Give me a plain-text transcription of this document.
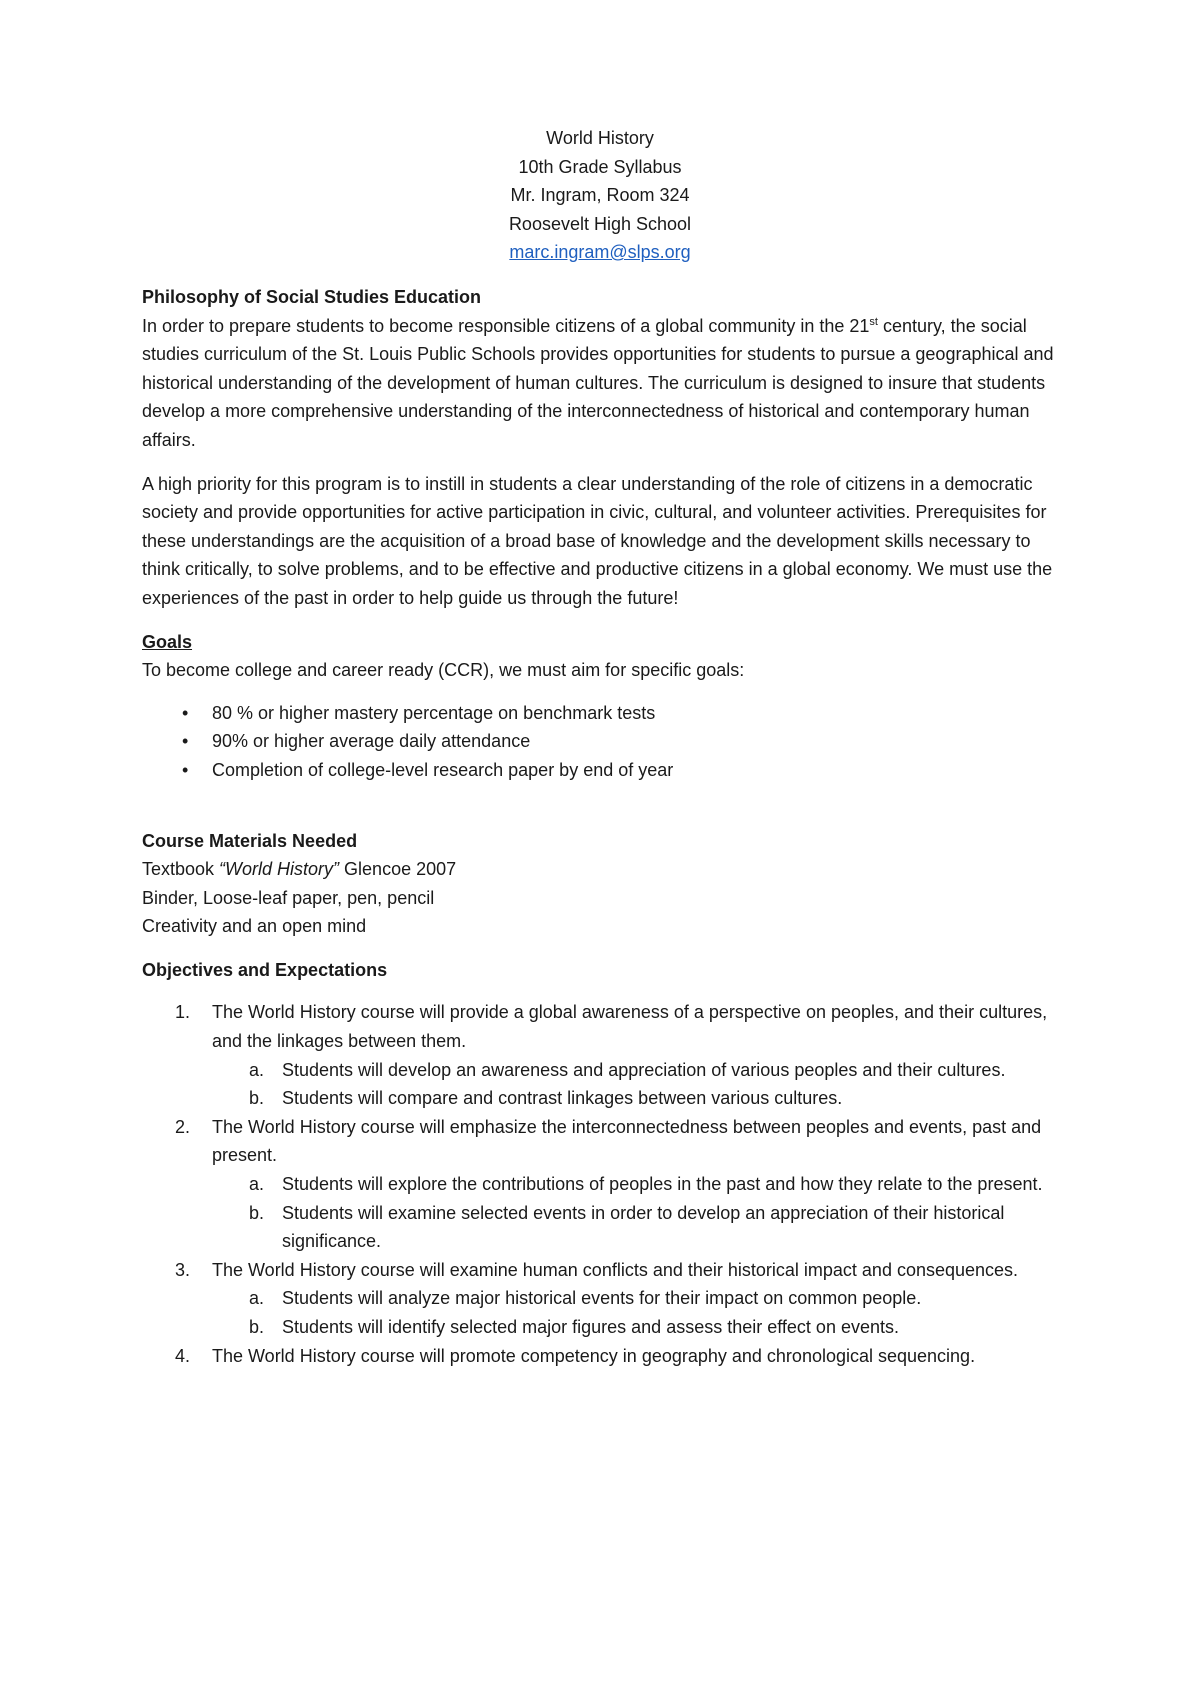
World History
10th Grade Syllabus
Mr. Ingram, Room 324
Roosevelt High School
marc.ingram@slps.org

Philosophy of Social Studies Education

In order to prepare students to become responsible citizens of a global community in the 21st century, the social studies curriculum of the St. Louis Public Schools provides opportunities for students to pursue a geographical and historical understanding of the development of human cultures. The curriculum is designed to insure that students develop a more comprehensive understanding of the interconnectedness of historical and contemporary human affairs.

A high priority for this program is to instill in students a clear understanding of the role of citizens in a democratic society and provide opportunities for active participation in civic, cultural, and volunteer activities. Prerequisites for these understandings are the acquisition of a broad base of knowledge and the development skills necessary to think critically, to solve problems, and to be effective and productive citizens in a global economy. We must use the experiences of the past in order to help guide us through the future!

Goals

To become college and career ready (CCR), we must aim for specific goals:

• 80 % or higher mastery percentage on benchmark tests
• 90% or higher average daily attendance
• Completion of college-level research paper by end of year

Course Materials Needed

Textbook “World History” Glencoe 2007

Binder, Loose-leaf paper, pen, pencil

Creativity and an open mind

Objectives and Expectations

1. The World History course will provide a global awareness of a perspective on peoples, and their cultures, and the linkages between them.
a. Students will develop an awareness and appreciation of various peoples and their cultures.
b. Students will compare and contrast linkages between various cultures.
2. The World History course will emphasize the interconnectedness between peoples and events, past and present.
a. Students will explore the contributions of peoples in the past and how they relate to the present.
b. Students will examine selected events in order to develop an appreciation of their historical significance.
3. The World History course will examine human conflicts and their historical impact and consequences.
a. Students will analyze major historical events for their impact on common people.
b. Students will identify selected major figures and assess their effect on events.
4. The World History course will promote competency in geography and chronological sequencing.
